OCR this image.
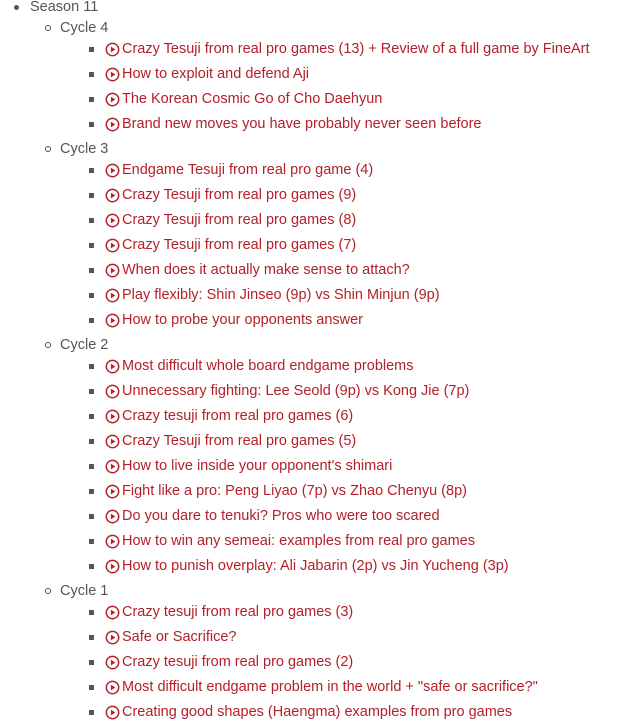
Season 11
Cycle 4
Crazy Tesuji from real pro games (13) + Review of a full game by FineArt
How to exploit and defend Aji
The Korean Cosmic Go of Cho Daehyun
Brand new moves you have probably never seen before
Cycle 3
Endgame Tesuji from real pro game (4)
Crazy Tesuji from real pro games (9)
Crazy Tesuji from real pro games (8)
Crazy Tesuji from real pro games (7)
When does it actually make sense to attach?
Play flexibly: Shin Jinseo (9p) vs Shin Minjun (9p)
How to probe your opponents answer
Cycle 2
Most difficult whole board endgame problems
Unnecessary fighting: Lee Seold (9p) vs Kong Jie (7p)
Crazy tesuji from real pro games (6)
Crazy Tesuji from real pro games (5)
How to live inside your opponent's shimari
Fight like a pro: Peng Liyao (7p) vs Zhao Chenyu (8p)
Do you dare to tenuki? Pros who were too scared
How to win any semeai: examples from real pro games
How to punish overplay: Ali Jabarin (2p) vs Jin Yucheng (3p)
Cycle 1
Crazy tesuji from real pro games (3)
Safe or Sacrifice?
Crazy tesuji from real pro games (2)
Most difficult endgame problem in the world + "safe or sacrifice?"
Creating good shapes (Haengma) examples from pro games
